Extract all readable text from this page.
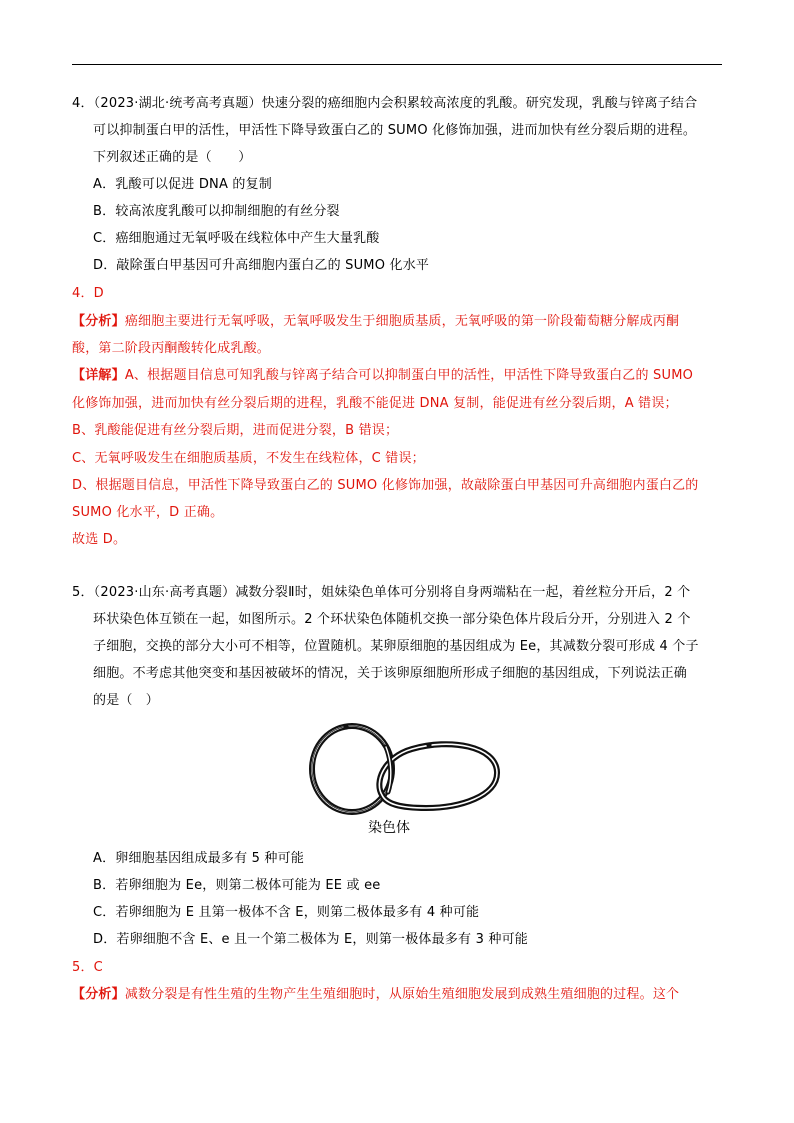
4．（2023·湖北·统考高考真题）快速分裂的癌细胞内会积累较高浓度的乳酸。研究发现，乳酸与锌离子结合
可以抑制蛋白甲的活性，甲活性下降导致蛋白乙的 SUMO 化修饰加强，进而加快有丝分裂后期的进程。
下列叙述正确的是（　　）
A．乳酸可以促进 DNA 的复制
B．较高浓度乳酸可以抑制细胞的有丝分裂
C．癌细胞通过无氧呼吸在线粒体中产生大量乳酸
D．敲除蛋白甲基因可升高细胞内蛋白乙的 SUMO 化水平
4．D
【分析】癌细胞主要进行无氧呼吸，无氧呼吸发生于细胞质基质，无氧呼吸的第一阶段葡萄糖分解成丙酮
酸，第二阶段丙酮酸转化成乳酸。
【详解】A、根据题目信息可知乳酸与锌离子结合可以抑制蛋白甲的活性，甲活性下降导致蛋白乙的 SUMO
化修饰加强，进而加快有丝分裂后期的进程，乳酸不能促进 DNA 复制，能促进有丝分裂后期，A 错误；
B、乳酸能促进有丝分裂后期，进而促进分裂，B 错误；
C、无氧呼吸发生在细胞质基质，不发生在线粒体，C 错误；
D、根据题目信息，甲活性下降导致蛋白乙的 SUMO 化修饰加强，故敲除蛋白甲基因可升高细胞内蛋白乙的
SUMO 化水平，D 正确。
故选 D。
5．（2023·山东·高考真题）减数分裂Ⅱ时，姐妹染色单体可分别将自身两端粘在一起，着丝粒分开后，2 个
环状染色体互锁在一起，如图所示。2 个环状染色体随机交换一部分染色体片段后分开，分别进入 2 个
子细胞，交换的部分大小可不相等，位置随机。某卵原细胞的基因组成为 Ee，其减数分裂可形成 4 个子
细胞。不考虑其他突变和基因被破坏的情况，关于该卵原细胞所形成子细胞的基因组成，下列说法正确
的是（　）
染色体
A．卵细胞基因组成最多有 5 种可能
B．若卵细胞为 Ee，则第二极体可能为 EE 或 ee
C．若卵细胞为 E 且第一极体不含 E，则第二极体最多有 4 种可能
D．若卵细胞不含 E、e 且一个第二极体为 E，则第一极体最多有 3 种可能
5．C
【分析】减数分裂是有性生殖的生物产生生殖细胞时，从原始生殖细胞发展到成熟生殖细胞的过程。这个
